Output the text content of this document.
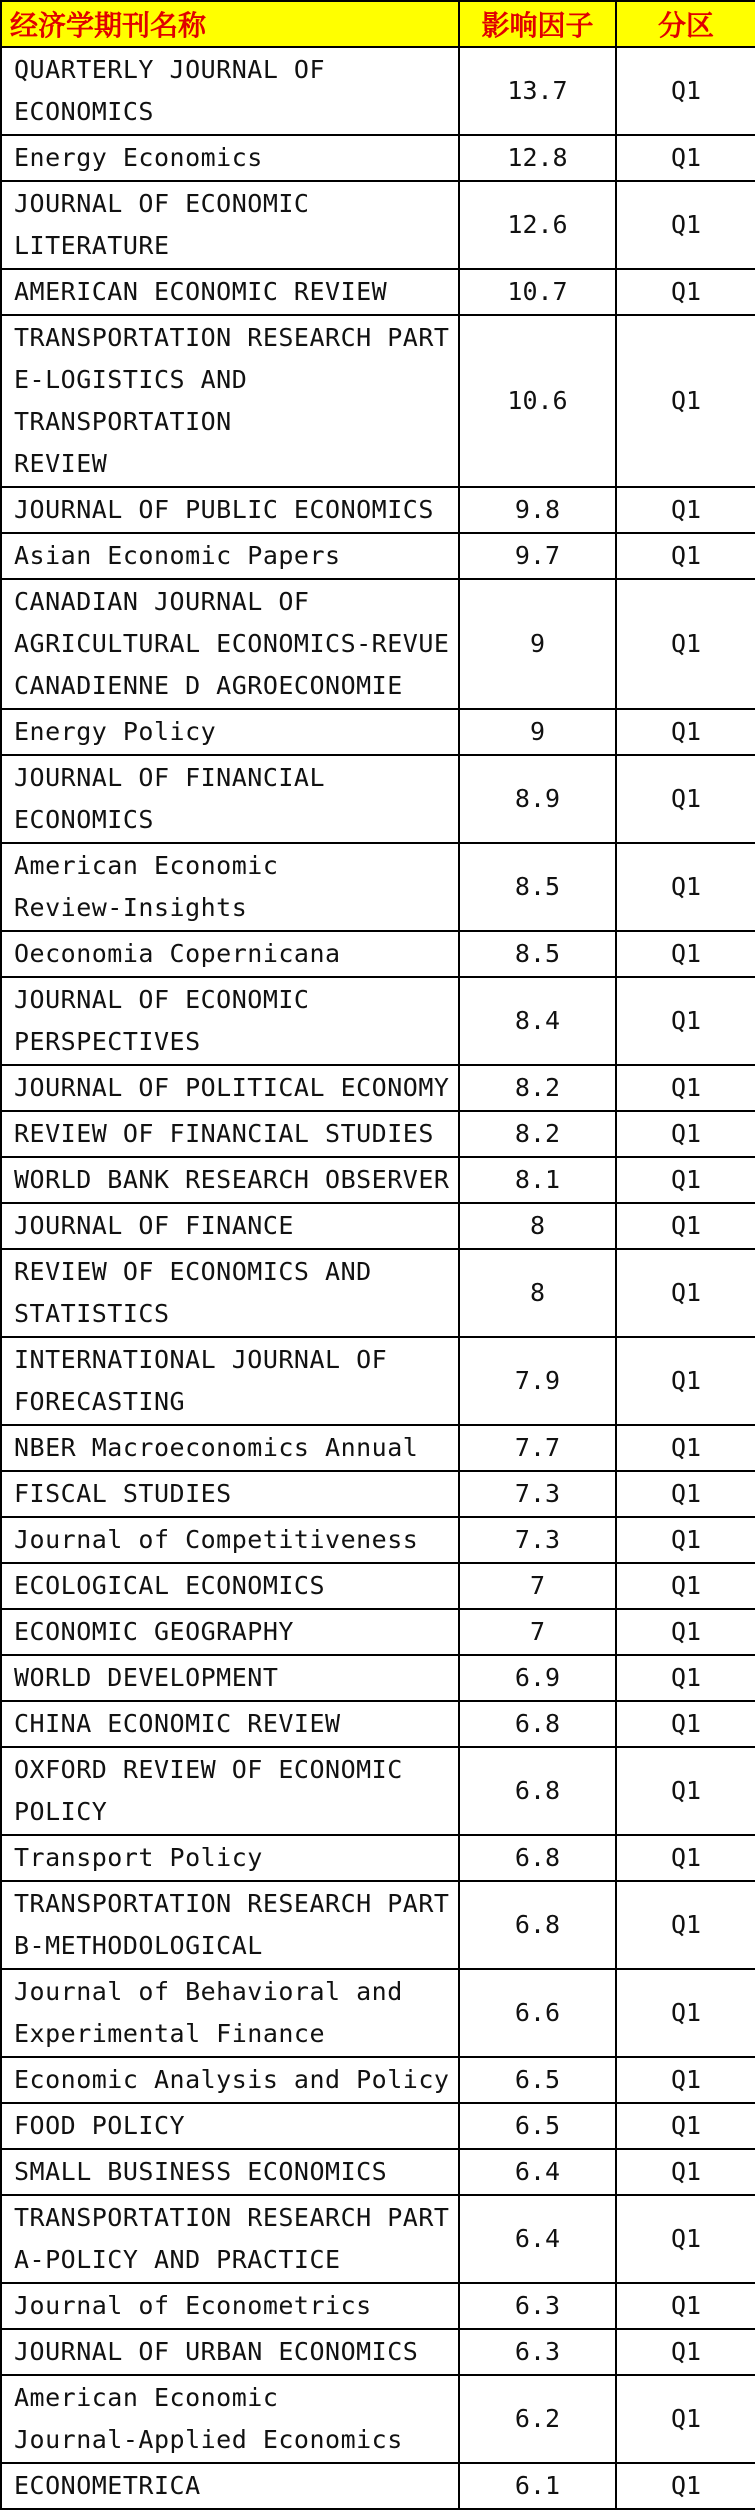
经济学期刊名称	影响因子	分区
QUARTERLY JOURNAL OF ECONOMICS	13.7	Q1
Energy Economics	12.8	Q1
JOURNAL OF ECONOMIC LITERATURE	12.6	Q1
AMERICAN ECONOMIC REVIEW	10.7	Q1
TRANSPORTATION RESEARCH PART
E-LOGISTICS AND TRANSPORTATION
REVIEW	10.6	Q1
JOURNAL OF PUBLIC ECONOMICS	9.8	Q1
Asian Economic Papers	9.7	Q1
CANADIAN JOURNAL OF
AGRICULTURAL ECONOMICS-REVUE
CANADIENNE D AGROECONOMIE	9	Q1
Energy Policy	9	Q1
JOURNAL OF FINANCIAL ECONOMICS	8.9	Q1
American Economic
Review-Insights	8.5	Q1
Oeconomia Copernicana	8.5	Q1
JOURNAL OF ECONOMIC
PERSPECTIVES	8.4	Q1
JOURNAL OF POLITICAL ECONOMY	8.2	Q1
REVIEW OF FINANCIAL STUDIES	8.2	Q1
WORLD BANK RESEARCH OBSERVER	8.1	Q1
JOURNAL OF FINANCE	8	Q1
REVIEW OF ECONOMICS AND
STATISTICS	8	Q1
INTERNATIONAL JOURNAL OF
FORECASTING	7.9	Q1
NBER Macroeconomics Annual	7.7	Q1
FISCAL STUDIES	7.3	Q1
Journal of Competitiveness	7.3	Q1
ECOLOGICAL ECONOMICS	7	Q1
ECONOMIC GEOGRAPHY	7	Q1
WORLD DEVELOPMENT	6.9	Q1
CHINA ECONOMIC REVIEW	6.8	Q1
OXFORD REVIEW OF ECONOMIC
POLICY	6.8	Q1
Transport Policy	6.8	Q1
TRANSPORTATION RESEARCH PART
B-METHODOLOGICAL	6.8	Q1
Journal of Behavioral and
Experimental Finance	6.6	Q1
Economic Analysis and Policy	6.5	Q1
FOOD POLICY	6.5	Q1
SMALL BUSINESS ECONOMICS	6.4	Q1
TRANSPORTATION RESEARCH PART
A-POLICY AND PRACTICE	6.4	Q1
Journal of Econometrics	6.3	Q1
JOURNAL OF URBAN ECONOMICS	6.3	Q1
American Economic
Journal-Applied Economics	6.2	Q1
ECONOMETRICA	6.1	Q1
